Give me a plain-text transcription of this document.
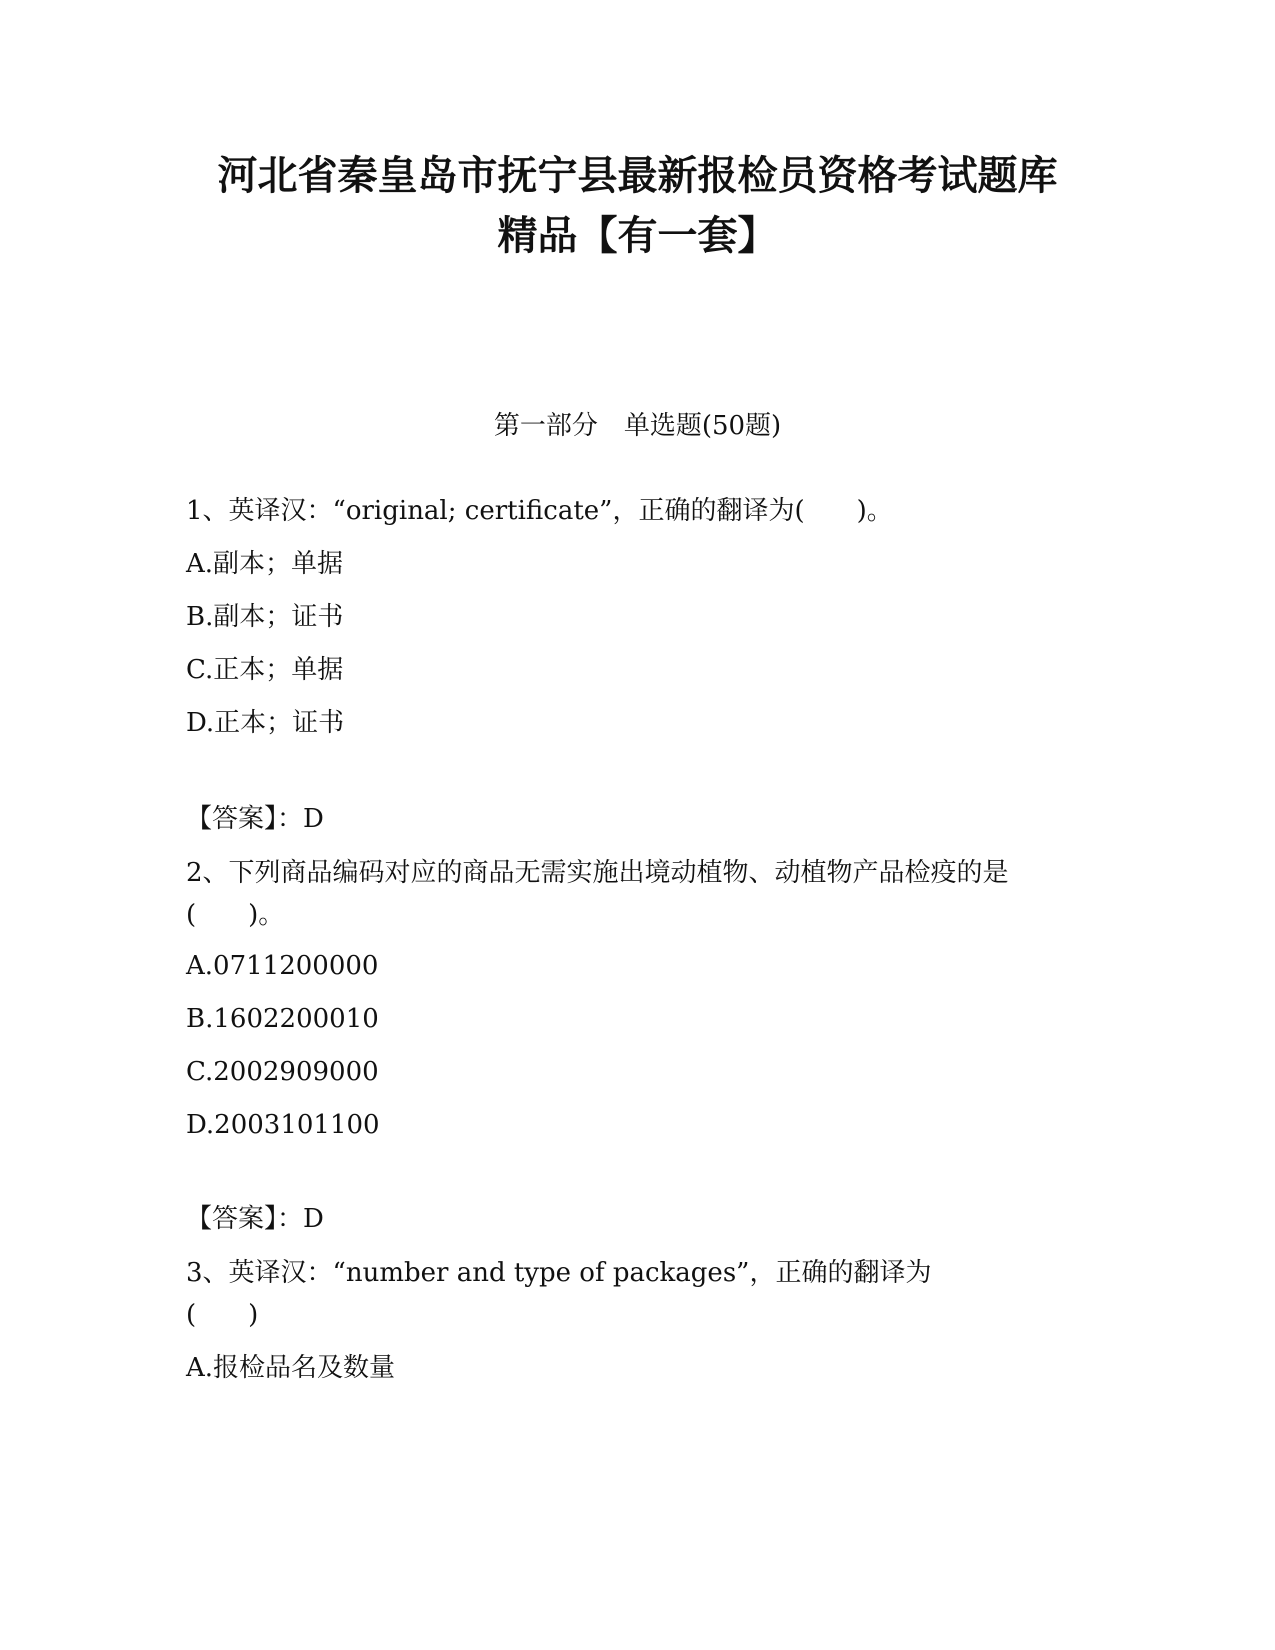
河北省秦皇岛市抚宁县最新报检员资格考试题库
精品【有一套】
第一部分　单选题(50题)
1、英译汉：“original; certificate”，正确的翻译为(　　)。
A.副本；单据
B.副本；证书
C.正本；单据
D.正本；证书
【答案】：D
2、下列商品编码对应的商品无需实施出境动植物、动植物产品检疫的是(　　)。
A.0711200000
B.1602200010
C.2002909000
D.2003101100
【答案】：D
3、英译汉：“number and type of packages”，正确的翻译为(　　)
A.报检品名及数量
